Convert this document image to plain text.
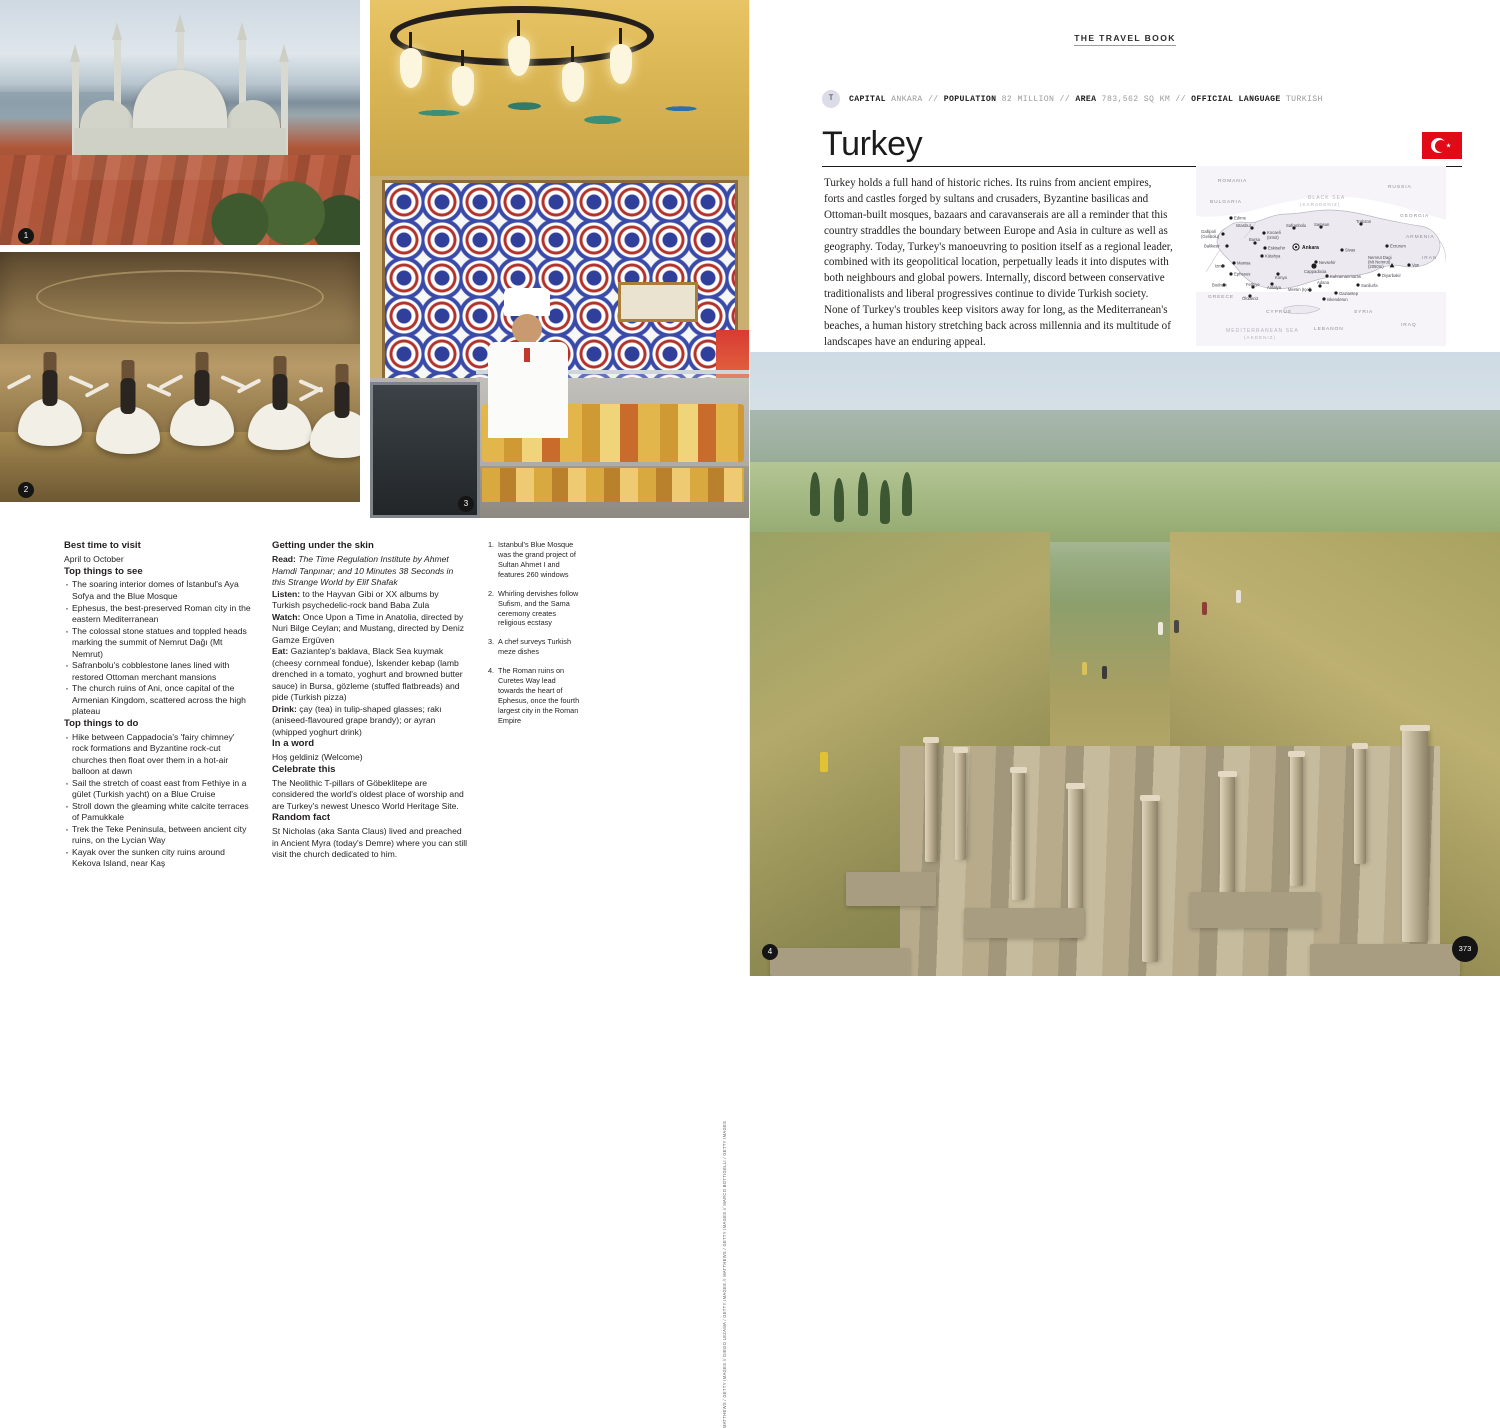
1
2
3
Best time to visit

April to October

Top things to see
· The soaring interior domes of İstanbul's Aya Sofya and the Blue Mosque
· Ephesus, the best-preserved Roman city in the eastern Mediterranean
· The colossal stone statues and toppled heads marking the summit of Nemrut Dağı (Mt Nemrut)
· Safranbolu's cobblestone lanes lined with restored Ottoman merchant mansions
· The church ruins of Ani, once capital of the Armenian Kingdom, scattered across the high plateau
Top things to do
· Hike between Cappadocia's 'fairy chimney' rock formations and Byzantine rock-cut churches then float over them in a hot-air balloon at dawn
· Sail the stretch of coast east from Fethiye in a gület (Turkish yacht) on a Blue Cruise
· Stroll down the gleaming white calcite terraces of Pamukkale
· Trek the Teke Peninsula, between ancient city ruins, on the Lycian Way
· Kayak over the sunken city ruins around Kekova Island, near Kaş
Getting under the skin

Read: The Time Regulation Institute by Ahmet Hamdi Tanpınar; and 10 Minutes 38 Seconds in this Strange World by Elif Shafak

Listen: to the Hayvan Gibi or XX albums by Turkish psychedelic-rock band Baba Zula

Watch: Once Upon a Time in Anatolia, directed by Nuri Bilge Ceylan; and Mustang, directed by Deniz Gamze Ergüven

Eat: Gaziantep's baklava, Black Sea kuymak (cheesy cornmeal fondue), İskender kebap (lamb drenched in a tomato, yoghurt and browned butter sauce) in Bursa, gözleme (stuffed flatbreads) and pide (Turkish pizza)

Drink: çay (tea) in tulip-shaped glasses; rakı (aniseed-flavoured grape brandy); or ayran (whipped yoghurt drink)

In a word

Hoş geldiniz (Welcome)

Celebrate this

The Neolithic T-pillars of Göbeklitepe are considered the world's oldest place of worship and are Turkey's newest Unesco World Heritage Site.

Random fact

St Nicholas (aka Santa Claus) lived and preached in Ancient Myra (today's Demre) where you can still visit the church dedicated to him.

1. Istanbul's Blue Mosque was the grand project of Sultan Ahmet I and features 260 windows
2. Whirling dervishes follow Sufism, and the Sama ceremony creates religious ecstasy
3. A chef surveys Turkish meze dishes
4. The Roman ruins on Curetes Way lead towards the heart of Ephesus, once the fourth largest city in the Roman Empire
MATTHEWS / GETTY IMAGES // DIEGO LEZAMA / GETTY IMAGES // MATTHEWS / GETTY IMAGES // MARCO BOTTIGELLI / GETTY IMAGES
THE TRAVEL BOOK
T	CAPITAL ANKARA // POPULATION 82 MILLION // AREA 783,562 SQ KM // OFFICIAL LANGUAGE TURKISH
Turkey
Turkey holds a full hand of historic riches. Its ruins from ancient empires, forts and castles forged by sultans and crusaders, Byzantine basilicas and Ottoman-built mosques, bazaars and caravanserais are all a reminder that this country straddles the boundary between Europe and Asia in culture as well as geography. Today, Turkey's manoeuvring to position itself as a regional leader, combined with its geopolitical location, perpetually leads it into disputes with both neighbours and global powers. Internally, discord between conservative traditionalists and liberal progressives continue to divide Turkish society. None of Turkey's troubles keep visitors away for long, as the Mediterranean's beaches, a human history stretching back across millennia and its multitude of landscapes have an enduring appeal.
BLACK SEA
(KARADENIZ)
MEDITERRANEAN SEA
(AKDENIZ)
ROMANIA
BULGARIA
GREECE
RUSSIA
GEORGIA
ARMENIA
IRAN
IRAQ
SYRIA
LEBANON
CYPRUS
Ankara
Edirne
Istanbul
Kocaeli
(Izmit)
Gallipoli
(Gelibolu)
Balikesir
Bursa
Eskisehir
Kütahya
Izmir
Manisa
Ephesus
Bodrum	Fethiye
Ölüdeniz
Konya
Antalya Mersin (Içel)
Adana
Cappadocia
Nevsehir
Safranbolu Samsun
Trabzon
Sivas
Erzurum
Van
Diyarbakir
Kahramanmaras
Sanliurfa
Gaziantep
Iskenderun
Nemrut Dagi
(Mt Nemrut)
(2050m)
4	373
